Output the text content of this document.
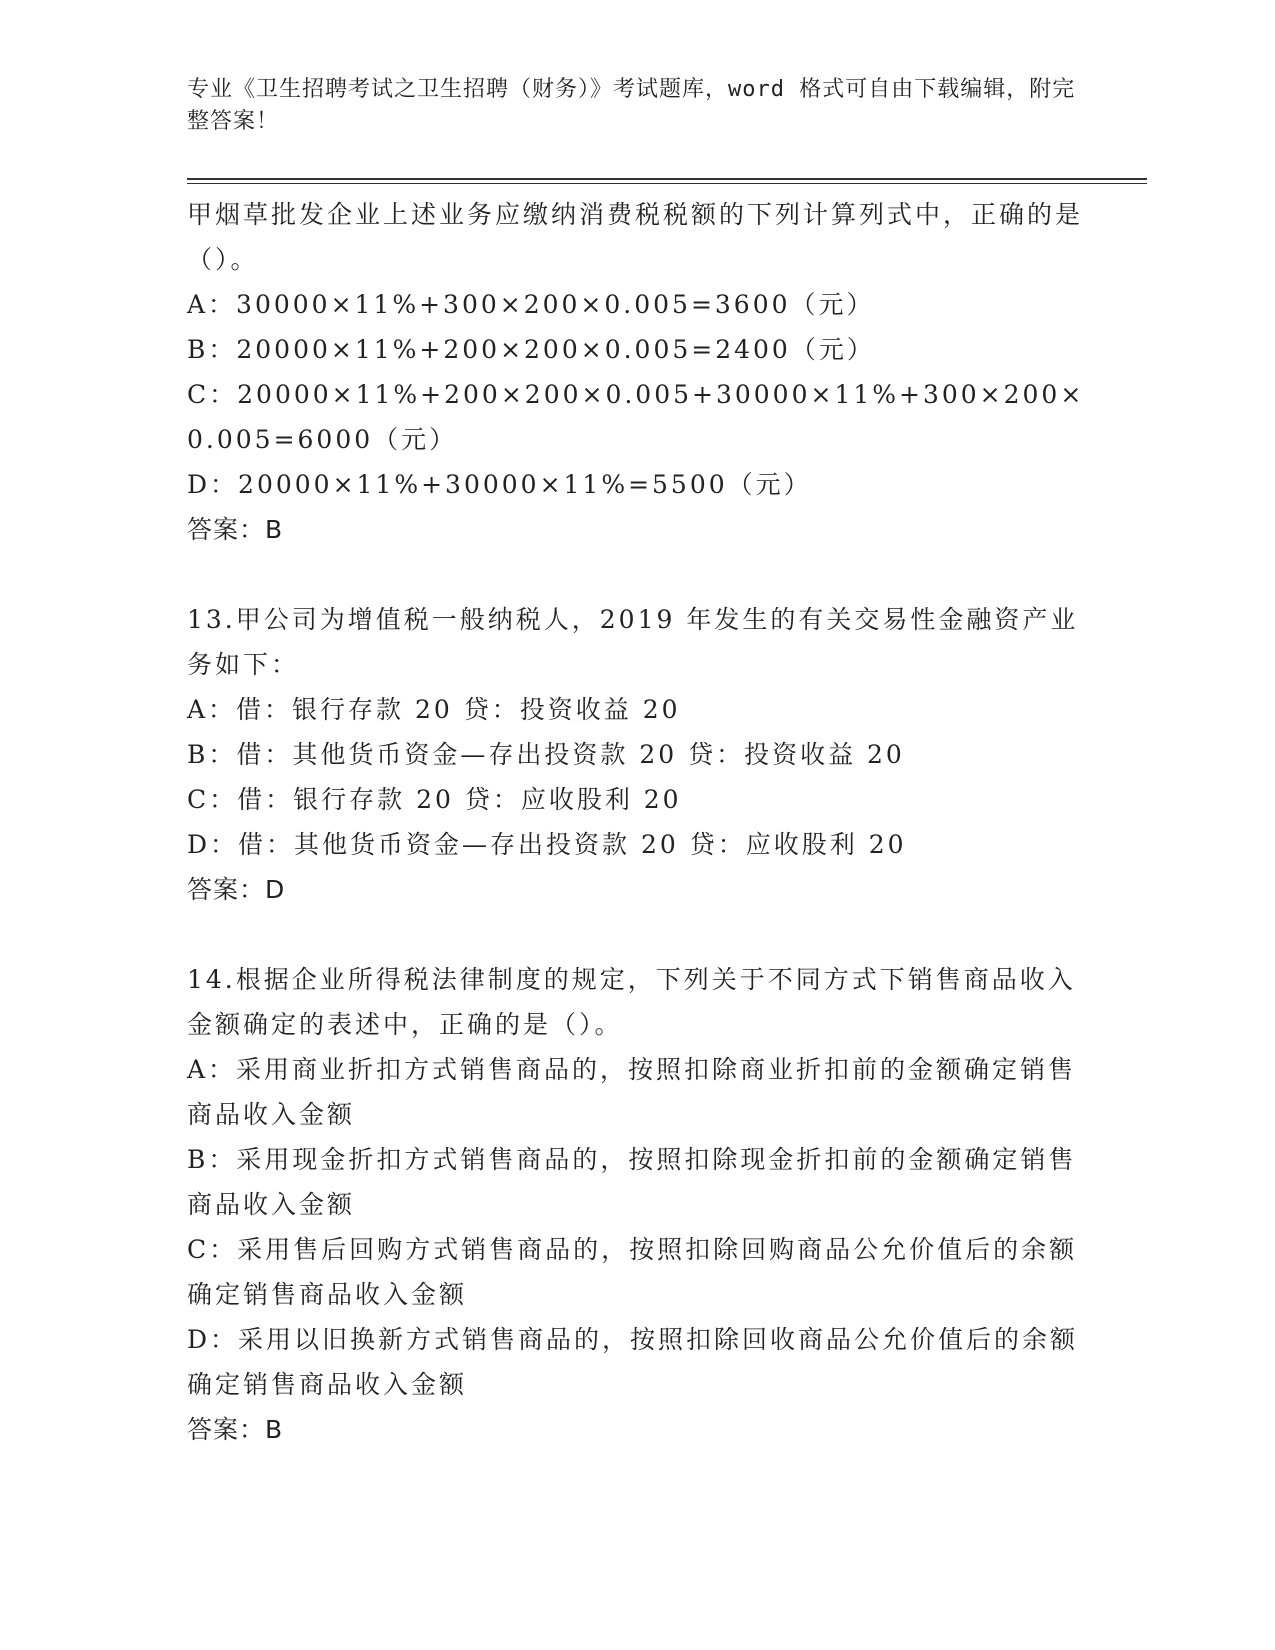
专业《卫生招聘考试之卫生招聘（财务）》考试题库，word 格式可自由下载编辑，附完整答案！
甲烟草批发企业上述业务应缴纳消费税税额的下列计算列式中，正确的是（）。
A：30000×11%+300×200×0.005=3600（元）
B：20000×11%+200×200×0.005=2400（元）
C：20000×11%+200×200×0.005+30000×11%+300×200×0.005=6000（元）
D：20000×11%+30000×11%=5500（元）
答案：B
13.甲公司为增值税一般纳税人，2019 年发生的有关交易性金融资产业务如下：
A：借：银行存款 20 贷：投资收益 20
B：借：其他货币资金—存出投资款 20 贷：投资收益 20
C：借：银行存款 20 贷：应收股利 20
D：借：其他货币资金—存出投资款 20 贷：应收股利 20
答案：D
14.根据企业所得税法律制度的规定，下列关于不同方式下销售商品收入金额确定的表述中，正确的是（）。
A：采用商业折扣方式销售商品的，按照扣除商业折扣前的金额确定销售商品收入金额
B：采用现金折扣方式销售商品的，按照扣除现金折扣前的金额确定销售商品收入金额
C：采用售后回购方式销售商品的，按照扣除回购商品公允价值后的余额确定销售商品收入金额
D：采用以旧换新方式销售商品的，按照扣除回收商品公允价值后的余额确定销售商品收入金额
答案：B
